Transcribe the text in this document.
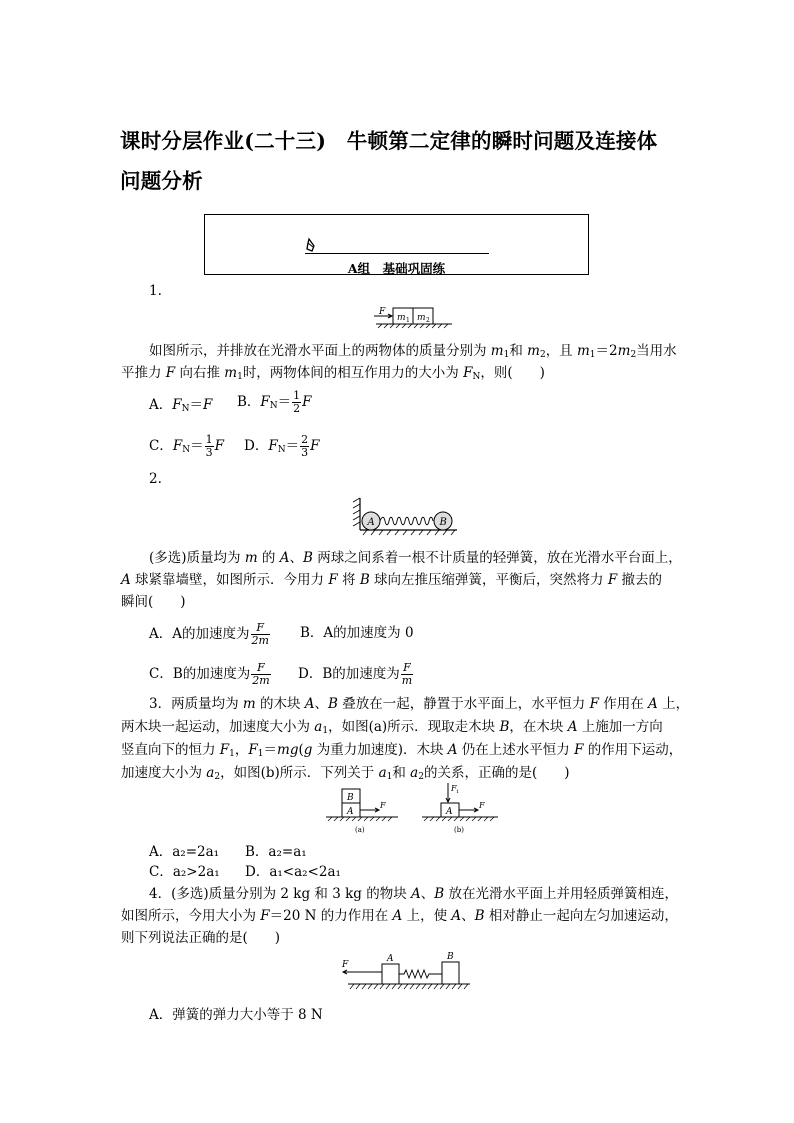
课时分层作业(二十三)　牛顿第二定律的瞬时问题及连接体
问题分析
A组　基础巩固练
1.
F
m 1 m 2
如图所示，并排放在光滑水平面上的两物体的质量分别为 $m_1$和 $m_2$，且 $m_1=2m_2$当用水
平推力 F 向右推 $m_1$时，两物体间的相互作用力的大小为 $F_N$，则(　　)
A．$F_N=F$ B．$F_N= \frac{1}{2}$ F
C．$F_N= \frac{1}{3}$ F D．$F_N= \frac{2}{3}$ F
2.
A	B
(多选)质量均为 m 的 A、B 两球之间系着一根不计质量的轻弹簧，放在光滑水平台面上，
A 球紧靠墙壁，如图所示．今用力 F 将 B 球向左推压缩弹簧，平衡后，突然将力 F 撤去的
瞬间(　　)
A．A的加速度为 $\frac{F}{2m}$ B．A的加速度为 0
C．B的加速度为 $\frac{F}{2m}$ D．B的加速度为 $\frac{F}{m}$
3．两质量均为 m 的木块 A、B 叠放在一起，静置于水平面上，水平恒力 F 作用在 A 上，
两木块一起运动，加速度大小为 $a_1$，如图(a)所示．现取走木块 B，在木块 A 上施加一方向
竖直向下的恒力 $F_1$，$F_1=mg(g$ 为重力加速度)．木块 A 仍在上述水平恒力 F 的作用下运动，
加速度大小为 $a_2$，如图(b)所示．下列关于 $a_1$和 $a_2$的关系，正确的是(　　)
B
A
F
(a)
F 1
A
F
(b)
A．a₂=2a₁ B．a₂=a₁
C．a₂>2a₁ D．a₁<a₂<2a₁
4．(多选)质量分别为 2 kg 和 3 kg 的物块 A、B 放在光滑水平面上并用轻质弹簧相连，
如图所示，今用大小为 F＝20 N 的力作用在 A 上，使 A、B 相对静止一起向左匀加速运动，
则下列说法正确的是(　　)
F
A	B
A．弹簧的弹力大小等于 8 N
